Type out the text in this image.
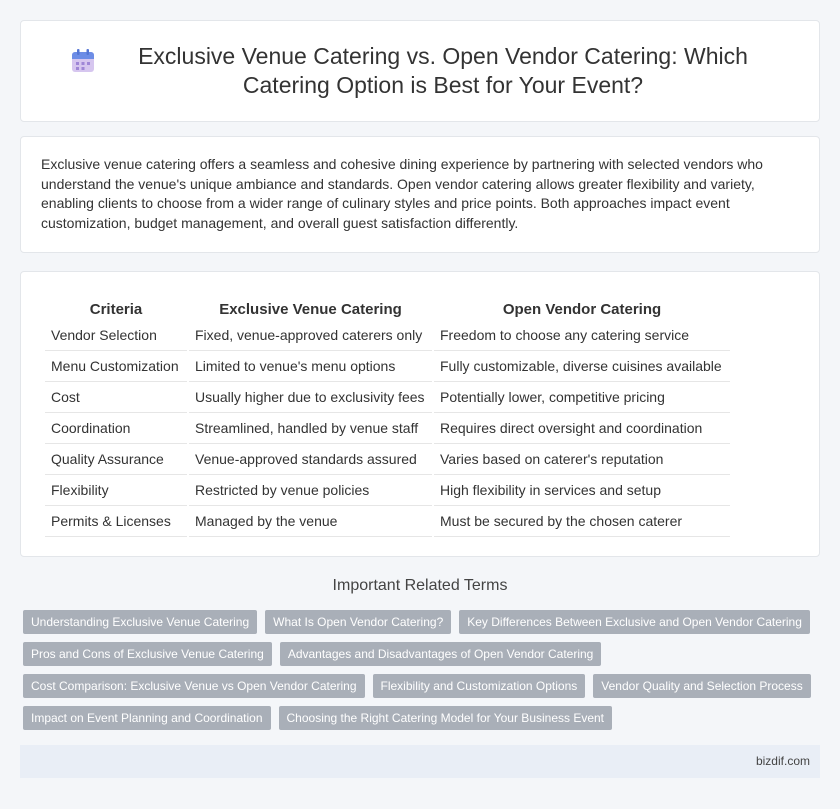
Exclusive Venue Catering vs. Open Vendor Catering: Which Catering Option is Best for Your Event?

Exclusive venue catering offers a seamless and cohesive dining experience by partnering with selected vendors who understand the venue's unique ambiance and standards. Open vendor catering allows greater flexibility and variety, enabling clients to choose from a wider range of culinary styles and price points. Both approaches impact event customization, budget management, and overall guest satisfaction differently.

Criteria	Exclusive Venue Catering	Open Vendor Catering
Vendor Selection	Fixed, venue-approved caterers only	Freedom to choose any catering service
Menu Customization	Limited to venue's menu options	Fully customizable, diverse cuisines available
Cost	Usually higher due to exclusivity fees	Potentially lower, competitive pricing
Coordination	Streamlined, handled by venue staff	Requires direct oversight and coordination
Quality Assurance	Venue-approved standards assured	Varies based on caterer's reputation
Flexibility	Restricted by venue policies	High flexibility in services and setup
Permits & Licenses	Managed by the venue	Must be secured by the chosen caterer
Important Related Terms
Understanding Exclusive Venue Catering	What Is Open Vendor Catering?	Key Differences Between Exclusive and Open Vendor Catering
Pros and Cons of Exclusive Venue Catering	Advantages and Disadvantages of Open Vendor Catering
Cost Comparison: Exclusive Venue vs Open Vendor Catering	Flexibility and Customization Options	Vendor Quality and Selection Process
Impact on Event Planning and Coordination	Choosing the Right Catering Model for Your Business Event
bizdif.com
